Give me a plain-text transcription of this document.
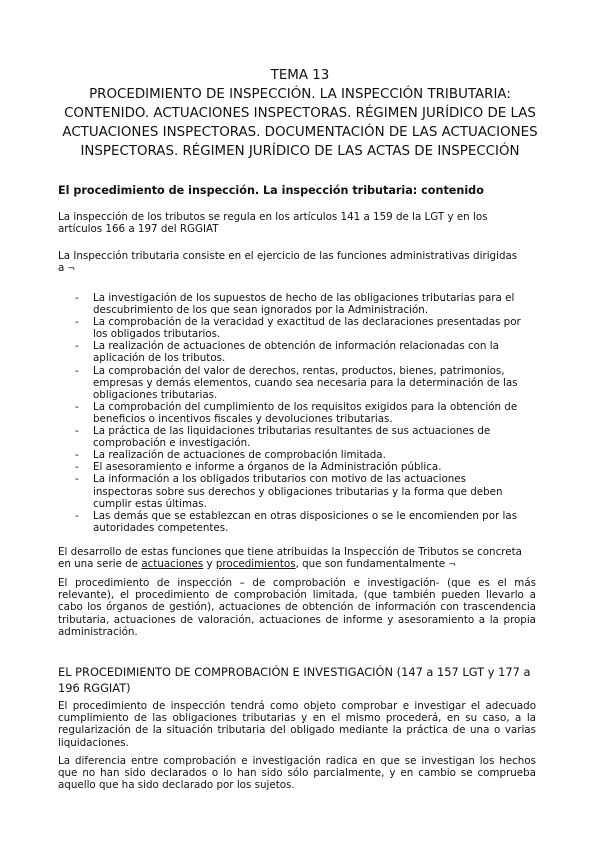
TEMA 13
PROCEDIMIENTO DE INSPECCIÓN. LA INSPECCIÓN TRIBUTARIA:
CONTENIDO. ACTUACIONES INSPECTORAS. RÉGIMEN JURÍDICO DE LAS
ACTUACIONES INSPECTORAS. DOCUMENTACIÓN DE LAS ACTUACIONES
INSPECTORAS. RÉGIMEN JURÍDICO DE LAS ACTAS DE INSPECCIÓN
El procedimiento de inspección. La inspección tributaria: contenido
La inspección de los tributos se regula en los artículos 141 a 159 de la LGT y en los
artículos 166 a 197 del RGGIAT
La Inspección tributaria consiste en el ejercicio de las funciones administrativas dirigidas
a ¬
- La investigación de los supuestos de hecho de las obligaciones tributarias para el
descubrimiento de los que sean ignorados por la Administración.
- La comprobación de la veracidad y exactitud de las declaraciones presentadas por
los obligados tributarios.
- La realización de actuaciones de obtención de información relacionadas con la
aplicación de los tributos.
- La comprobación del valor de derechos, rentas, productos, bienes, patrimonios,
empresas y demás elementos, cuando sea necesaria para la determinación de las
obligaciones tributarias.
- La comprobación del cumplimiento de los requisitos exigidos para la obtención de
beneficios o incentivos fiscales y devoluciones tributarias.
- La práctica de las liquidaciones tributarias resultantes de sus actuaciones de
comprobación e investigación.
- La realización de actuaciones de comprobación limitada.
- El asesoramiento e informe a órganos de la Administración pública.
- La información a los obligados tributarios con motivo de las actuaciones
inspectoras sobre sus derechos y obligaciones tributarias y la forma que deben
cumplir estas últimas.
- Las demás que se establezcan en otras disposiciones o se le encomienden por las
autoridades competentes.
El desarrollo de estas funciones que tiene atribuidas la Inspección de Tributos se concreta
en una serie de actuaciones y procedimientos, que son fundamentalmente ¬
El procedimiento de inspección – de comprobación e investigación- (que es el más
relevante), el procedimiento de comprobación limitada, (que también pueden llevarlo a
cabo los órganos de gestión), actuaciones de obtención de información con trascendencia
tributaria, actuaciones de valoración, actuaciones de informe y asesoramiento a la propia
administración.
EL PROCEDIMIENTO DE COMPROBACIÓN E INVESTIGACIÓN (147 a 157 LGT y 177 a
196 RGGIAT)
El procedimiento de inspección tendrá como objeto comprobar e investigar el adecuado
cumplimiento de las obligaciones tributarias y en el mismo procederá, en su caso, a la
regularización de la situación tributaria del obligado mediante la práctica de una o varias
liquidaciones.
La diferencia entre comprobación e investigación radica en que se investigan los hechos
que no han sido declarados o lo han sido sólo parcialmente, y en cambio se comprueba
aquello que ha sido declarado por los sujetos.
